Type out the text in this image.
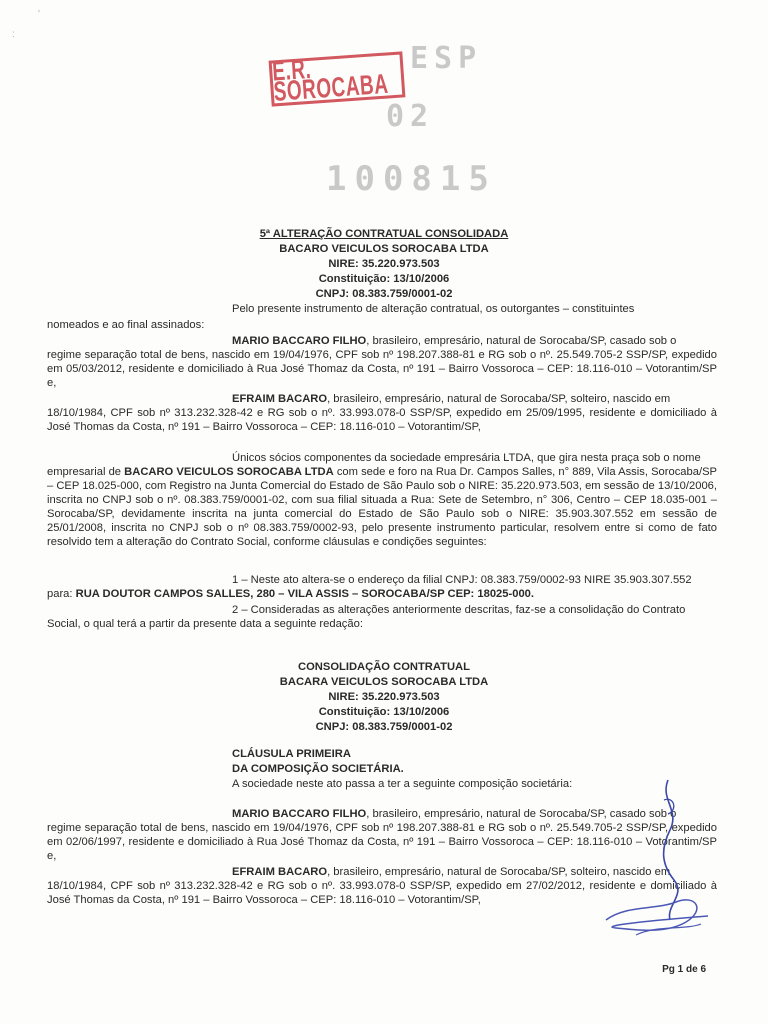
:
'
E.R. SOROCABA
ESP
02
100815
5ª ALTERAÇÃO CONTRATUAL CONSOLIDADA
BACARO VEICULOS SOROCABA LTDA
NIRE: 35.220.973.503
Constituição: 13/10/2006
CNPJ: 08.383.759/0001-02
Pelo presente instrumento de alteração contratual, os outorgantes – constituintes
nomeados e ao final assinados:
MARIO BACCARO FILHO, brasileiro, empresário, natural de Sorocaba/SP, casado sob o
regime separação total de bens, nascido em 19/04/1976, CPF sob nº 198.207.388-81 e RG sob o nº. 25.549.705-2 SSP/SP, expedido em 05/03/2012, residente e domiciliado à Rua José Thomaz da Costa, nº 191 – Bairro Vossoroca – CEP: 18.116-010 – Votorantim/SP e,
EFRAIM BACARO, brasileiro, empresário, natural de Sorocaba/SP, solteiro, nascido em
18/10/1984, CPF sob nº 313.232.328-42 e RG sob o nº. 33.993.078-0 SSP/SP, expedido em 25/09/1995, residente e domiciliado à José Thomas da Costa, nº 191 – Bairro Vossoroca – CEP: 18.116-010 – Votorantim/SP,
Únicos sócios componentes da sociedade empresária LTDA, que gira nesta praça sob o nome
empresarial de BACARO VEICULOS SOROCABA LTDA com sede e foro na Rua Dr. Campos Salles, n° 889, Vila Assis, Sorocaba/SP – CEP 18.025-000, com Registro na Junta Comercial do Estado de São Paulo sob o NIRE: 35.220.973.503, em sessão de 13/10/2006, inscrita no CNPJ sob o nº. 08.383.759/0001-02, com sua filial situada a Rua: Sete de Setembro, n° 306, Centro – CEP 18.035-001 – Sorocaba/SP, devidamente inscrita na junta comercial do Estado de São Paulo sob o NIRE: 35.903.307.552 em sessão de 25/01/2008, inscrita no CNPJ sob o nº 08.383.759/0002-93, pelo presente instrumento particular, resolvem entre si como de fato resolvido tem a alteração do Contrato Social, conforme cláusulas e condições seguintes:
1 – Neste ato altera-se o endereço da filial CNPJ: 08.383.759/0002-93 NIRE 35.903.307.552
para: RUA DOUTOR CAMPOS SALLES, 280 – VILA ASSIS – SOROCABA/SP CEP: 18025-000.
2 – Consideradas as alterações anteriormente descritas, faz-se a consolidação do Contrato
Social, o qual terá a partir da presente data a seguinte redação:
CONSOLIDAÇÃO CONTRATUAL
BACARA VEICULOS SOROCABA LTDA
NIRE: 35.220.973.503
Constituição: 13/10/2006
CNPJ: 08.383.759/0001-02
CLÁUSULA PRIMEIRA
DA COMPOSIÇÃO SOCIETÁRIA.
A sociedade neste ato passa a ter a seguinte composição societária:
MARIO BACCARO FILHO, brasileiro, empresário, natural de Sorocaba/SP, casado sob o
regime separação total de bens, nascido em 19/04/1976, CPF sob nº 198.207.388-81 e RG sob o nº. 25.549.705-2 SSP/SP, expedido em 02/06/1997, residente e domiciliado à Rua José Thomaz da Costa, nº 191 – Bairro Vossoroca – CEP: 18.116-010 – Votorantim/SP e,
EFRAIM BACARO, brasileiro, empresário, natural de Sorocaba/SP, solteiro, nascido em
18/10/1984, CPF sob nº 313.232.328-42 e RG sob o nº. 33.993.078-0 SSP/SP, expedido em 27/02/2012, residente e domiciliado à José Thomas da Costa, nº 191 – Bairro Vossoroca – CEP: 18.116-010 – Votorantim/SP,
Pg 1 de 6
